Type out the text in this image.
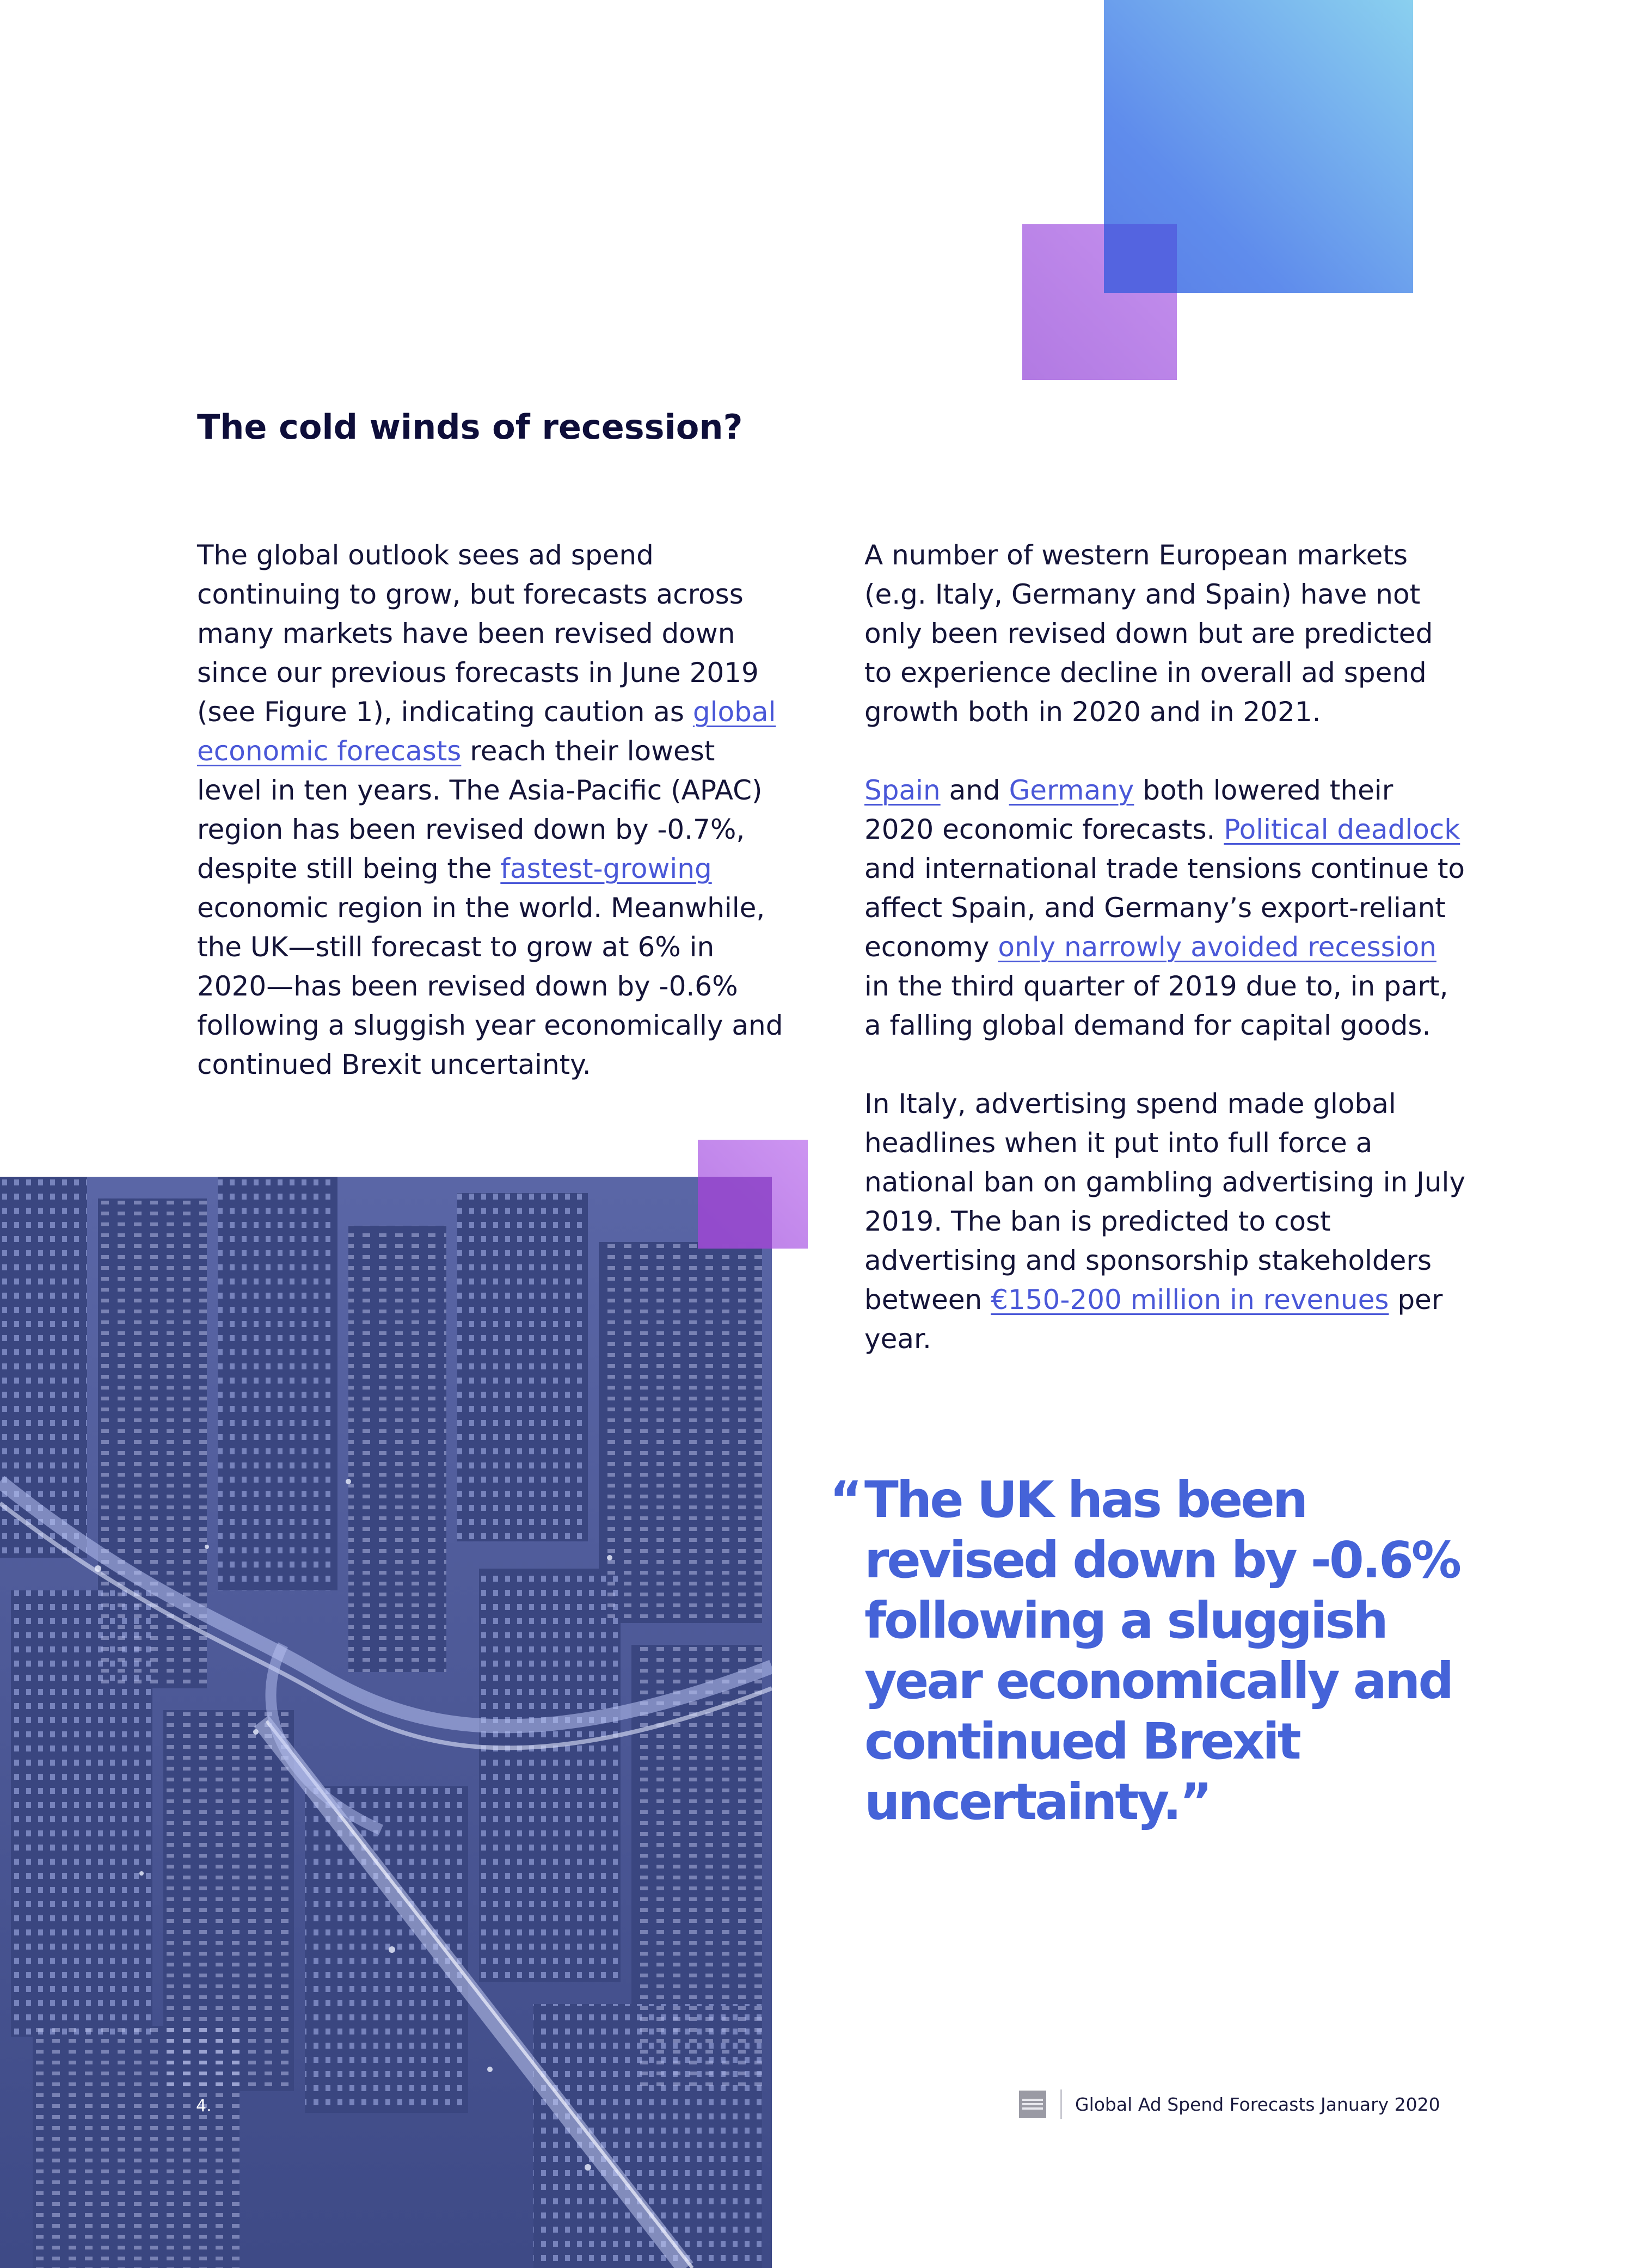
The cold winds of recession?

The global outlook sees ad spend continuing to grow, but forecasts across many markets have been revised down since our previous forecasts in June 2019 (see Figure 1), indicating caution as global economic forecasts reach their lowest level in ten years. The Asia-Pacific (APAC) region has been revised down by -0.7%, despite still being the fastest-growing economic region in the world. Meanwhile, the UK—still forecast to grow at 6% in 2020—has been revised down by -0.6% following a sluggish year economically and continued Brexit uncertainty.

A number of western European markets (e.g. Italy, Germany and Spain) have not only been revised down but are predicted to experience decline in overall ad spend growth both in 2020 and in 2021.

Spain and Germany both lowered their 2020 economic forecasts. Political deadlock and international trade tensions continue to affect Spain, and Germany’s export-reliant economy only narrowly avoided recession in the third quarter of 2019 due to, in part, a falling global demand for capital goods.

In Italy, advertising spend made global headlines when it put into full force a national ban on gambling advertising in July 2019. The ban is predicted to cost advertising and sponsorship stakeholders between €150-200 million in revenues per year.

“ The UK has been revised down by -0.6% following a sluggish year economically and continued Brexit uncertainty.”
4.	Global Ad Spend Forecasts January 2020
